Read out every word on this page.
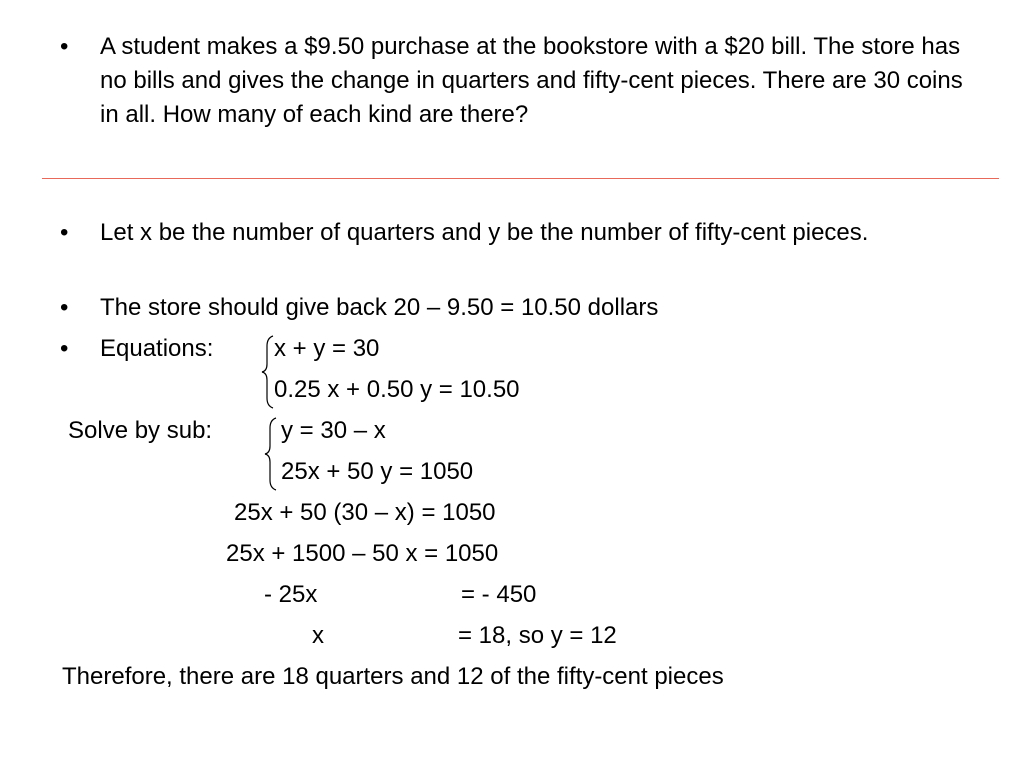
•	A student makes a $9.50 purchase at the bookstore with a $20 bill. The store has no bills and gives the change in quarters and fifty-cent pieces. There are 30 coins in all. How many of each kind are there?
•	Let x be the number of quarters and y be the number of fifty-cent pieces.
•	The store should give back 20 – 9.50 = 10.50 dollars
•	Equations:	x + y = 30
0.25 x + 0.50 y = 10.50
Solve by sub:	y = 30 – x
25x + 50 y = 1050
25x + 50 (30 – x) = 1050
25x + 1500 – 50 x = 1050
- 25x	= - 450
x	= 18, so y = 12
Therefore, there are 18 quarters and 12 of the fifty-cent pieces
